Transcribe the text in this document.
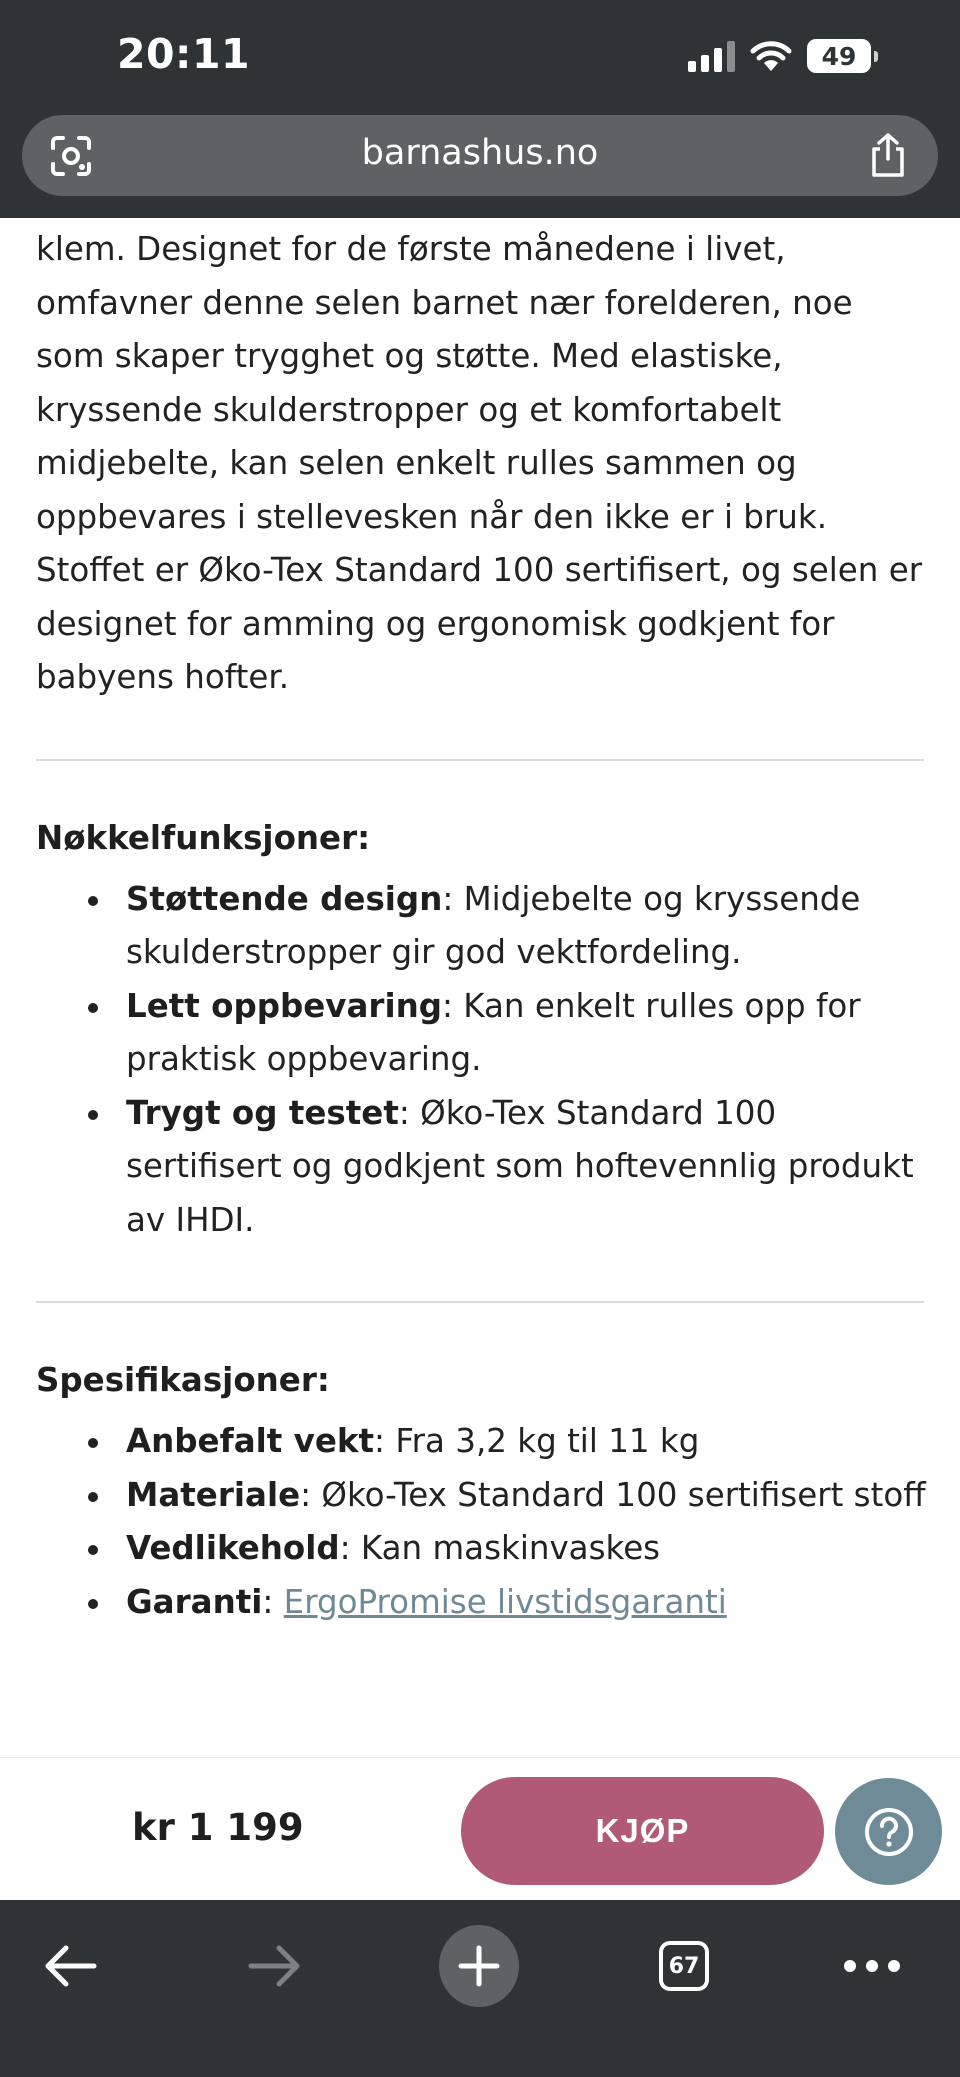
20:11	49
barnashus.no

klem. Designet for de første månedene i livet, omfavner denne selen barnet nær forelderen, noe som skaper trygghet og støtte. Med elastiske, kryssende skulderstropper og et komfortabelt midjebelte, kan selen enkelt rulles sammen og oppbevares i stellevesken når den ikke er i bruk. Stoffet er Øko-Tex Standard 100 sertifisert, og selen er designet for amming og ergonomisk godkjent for babyens hofter.

Nøkkelfunksjoner:
Støttende design: Midjebelte og kryssende skulderstropper gir god vektfordeling.
Lett oppbevaring: Kan enkelt rulles opp for praktisk oppbevaring.
Trygt og testet: Øko-Tex Standard 100 sertifisert og godkjent som hoftevennlig produkt av IHDI.
Spesifikasjoner:
Anbefalt vekt: Fra 3,2 kg til 11 kg
Materiale: Øko-Tex Standard 100 sertifisert stoff
Vedlikehold: Kan maskinvaskes
Garanti: ErgoPromise livstidsgaranti
kr 1 199	KJØP
67
